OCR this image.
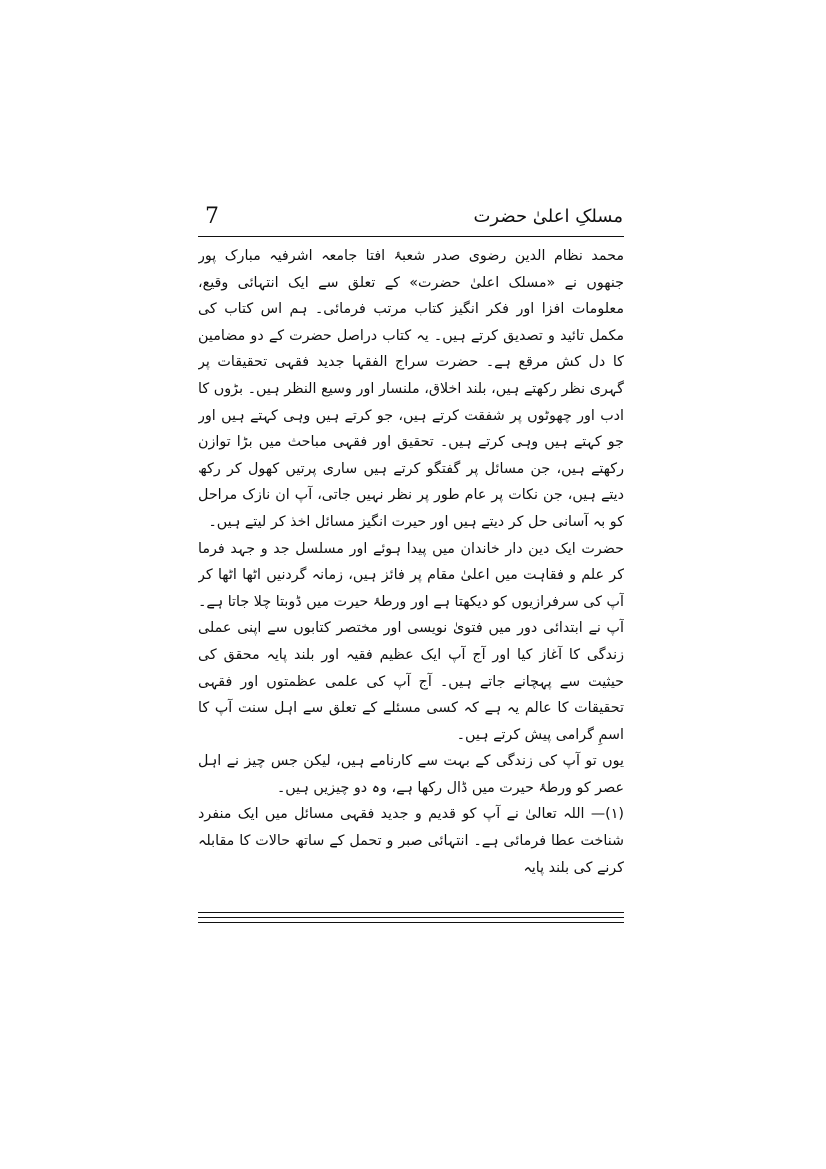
7	مسلکِ اعلیٰ حضرت

محمد نظام الدین رضوی صدر شعبۂ افتا جامعہ اشرفیہ مبارک پور جنھوں نے «مسلک اعلیٰ حضرت» کے تعلق سے ایک انتہائی وقیع، معلومات افزا اور فکر انگیز کتاب مرتب فرمائی۔ ہم اس کتاب کی مکمل تائید و تصدیق کرتے ہیں۔ یہ کتاب دراصل حضرت کے دو مضامین کا دل کش مرقع ہے۔ حضرت سراج الفقہا جدید فقہی تحقیقات پر گہری نظر رکھتے ہیں، بلند اخلاق، ملنسار اور وسیع النظر ہیں۔ بڑوں کا ادب اور چھوٹوں پر شفقت کرتے ہیں، جو کرتے ہیں وہی کہتے ہیں اور جو کہتے ہیں وہی کرتے ہیں۔ تحقیق اور فقہی مباحث میں بڑا توازن رکھتے ہیں، جن مسائل پر گفتگو کرتے ہیں ساری پرتیں کھول کر رکھ دیتے ہیں، جن نکات پر عام طور پر نظر نہیں جاتی، آپ ان نازک مراحل کو بہ آسانی حل کر دیتے ہیں اور حیرت انگیز مسائل اخذ کر لیتے ہیں۔

حضرت ایک دین دار خاندان میں پیدا ہوئے اور مسلسل جد و جہد فرما کر علم و فقاہت میں اعلیٰ مقام پر فائز ہیں، زمانہ گردنیں اٹھا اٹھا کر آپ کی سرفرازیوں کو دیکھتا ہے اور ورطۂ حیرت میں ڈوبتا چلا جاتا ہے۔ آپ نے ابتدائی دور میں فتویٰ نویسی اور مختصر کتابوں سے اپنی عملی زندگی کا آغاز کیا اور آج آپ ایک عظیم فقیہ اور بلند پایہ محقق کی حیثیت سے پہچانے جاتے ہیں۔ آج آپ کی علمی عظمتوں اور فقہی تحقیقات کا عالم یہ ہے کہ کسی مسئلے کے تعلق سے اہل سنت آپ کا اسمِ گرامی پیش کرتے ہیں۔

یوں تو آپ کی زندگی کے بہت سے کارنامے ہیں، لیکن جس چیز نے اہل عصر کو ورطۂ حیرت میں ڈال رکھا ہے، وہ دو چیزیں ہیں۔

(۱)— اللہ تعالیٰ نے آپ کو قدیم و جدید فقہی مسائل میں ایک منفرد شناخت عطا فرمائی ہے۔ انتہائی صبر و تحمل کے ساتھ حالات کا مقابلہ کرنے کی بلند پایہ
